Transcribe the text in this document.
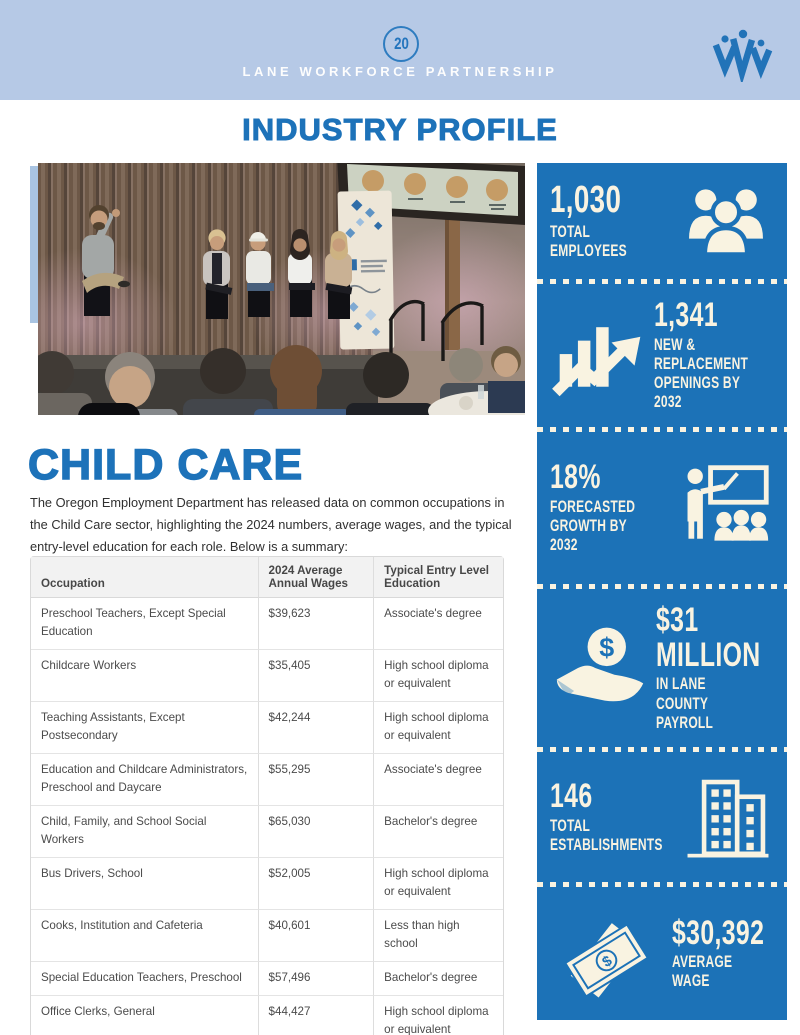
20
LANE WORKFORCE PARTNERSHIP
INDUSTRY PROFILE
CHILD CARE

The Oregon Employment Department has released data on common occupations in the Child Care sector, highlighting the 2024 numbers, average wages, and the typical entry-level education for each role. Below is a summary:

Occupation	2024 Average Annual Wages	Typical Entry Level Education
Preschool Teachers, Except Special Education	$39,623	Associate's degree
Childcare Workers	$35,405	High school diploma or equivalent
Teaching Assistants, Except Postsecondary	$42,244	High school diploma or equivalent
Education and Childcare Administrators, Preschool and Daycare	$55,295	Associate's degree
Child, Family, and School Social Workers	$65,030	Bachelor's degree
Bus Drivers, School	$52,005	High school diploma or equivalent
Cooks, Institution and Cafeteria	$40,601	Less than high school
Special Education Teachers, Preschool	$57,496	Bachelor's degree
Office Clerks, General	$44,427	High school diploma or equivalent
1,030
TOTAL EMPLOYEES
1,341
NEW & REPLACEMENT OPENINGS BY 2032
18%
FORECASTED GROWTH BY 2032
$
$31 MILLION
IN LANE COUNTY PAYROLL
146
TOTAL ESTABLISHMENTS
$
$30,392
AVERAGE WAGE
